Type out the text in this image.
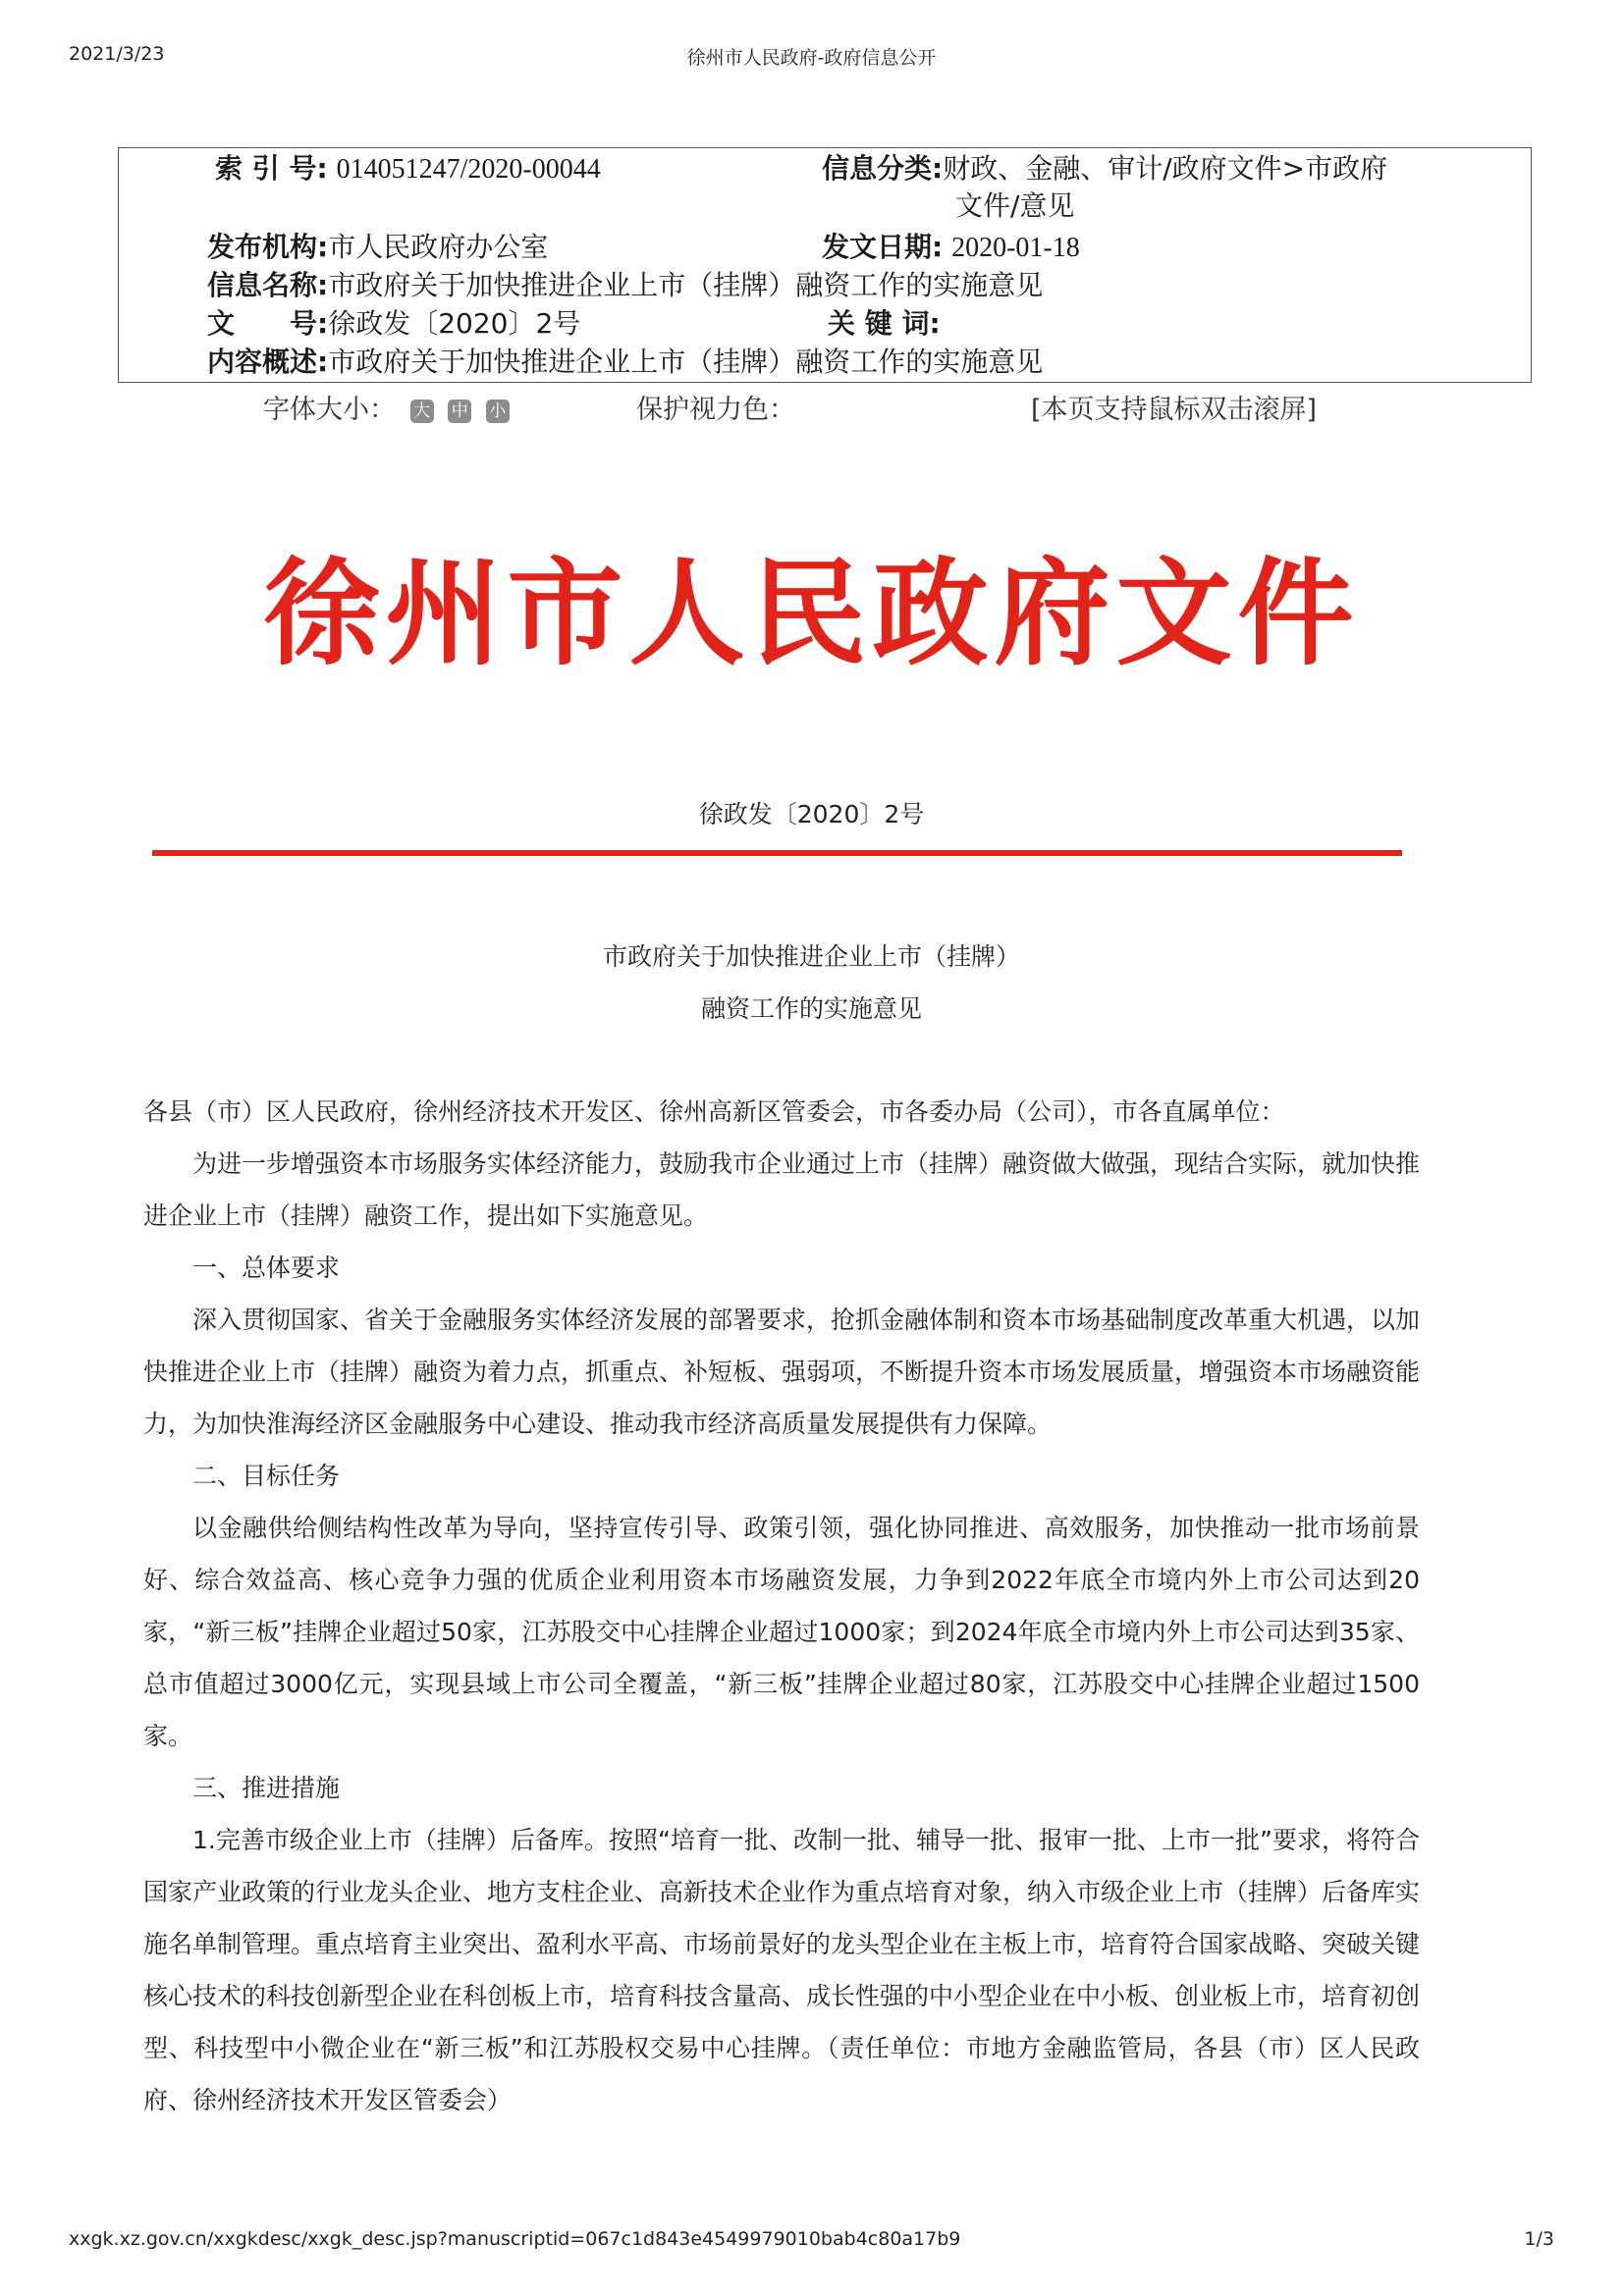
2021/3/23	徐州市人民政府-政府信息公开
索 引 号: 014051247/2020-00044	信息分类:财政、金融、审计/政府文件>市政府
文件/意见
发布机构:市人民政府办公室	发文日期: 2020-01-18
信息名称:市政府关于加快推进企业上市（挂牌）融资工作的实施意见
文 号:徐政发〔2020〕2号	关 键 词:
内容概述:市政府关于加快推进企业上市（挂牌）融资工作的实施意见
字体大小： 大 中 小	保护视力色：	[本页支持鼠标双击滚屏]
徐州市人民政府文件
徐政发〔2020〕2号
市政府关于加快推进企业上市（挂牌）
融资工作的实施意见

各县（市）区人民政府，徐州经济技术开发区、徐州高新区管委会，市各委办局（公司），市各直属单位：

为进一步增强资本市场服务实体经济能力，鼓励我市企业通过上市（挂牌）融资做大做强，现结合实际，就加快推进企业上市（挂牌）融资工作，提出如下实施意见。

一、总体要求

深入贯彻国家、省关于金融服务实体经济发展的部署要求，抢抓金融体制和资本市场基础制度改革重大机遇，以加快推进企业上市（挂牌）融资为着力点，抓重点、补短板、强弱项，不断提升资本市场发展质量，增强资本市场融资能力，为加快淮海经济区金融服务中心建设、推动我市经济高质量发展提供有力保障。

二、目标任务

以金融供给侧结构性改革为导向，坚持宣传引导、政策引领，强化协同推进、高效服务，加快推动一批市场前景好、综合效益高、核心竞争力强的优质企业利用资本市场融资发展，力争到2022年底全市境内外上市公司达到20家，“新三板”挂牌企业超过50家，江苏股交中心挂牌企业超过1000家；到2024年底全市境内外上市公司达到35家、总市值超过3000亿元，实现县域上市公司全覆盖，“新三板”挂牌企业超过80家，江苏股交中心挂牌企业超过1500家。

三、推进措施

1.完善市级企业上市（挂牌）后备库。按照“培育一批、改制一批、辅导一批、报审一批、上市一批”要求，将符合国家产业政策的行业龙头企业、地方支柱企业、高新技术企业作为重点培育对象，纳入市级企业上市（挂牌）后备库实施名单制管理。重点培育主业突出、盈利水平高、市场前景好的龙头型企业在主板上市，培育符合国家战略、突破关键核心技术的科技创新型企业在科创板上市，培育科技含量高、成长性强的中小型企业在中小板、创业板上市，培育初创型、科技型中小微企业在“新三板”和江苏股权交易中心挂牌。（责任单位：市地方金融监管局，各县（市）区人民政府、徐州经济技术开发区管委会）

xxgk.xz.gov.cn/xxgkdesc/xxgk_desc.jsp?manuscriptid=067c1d843e4549979010bab4c80a17b9	1/3
